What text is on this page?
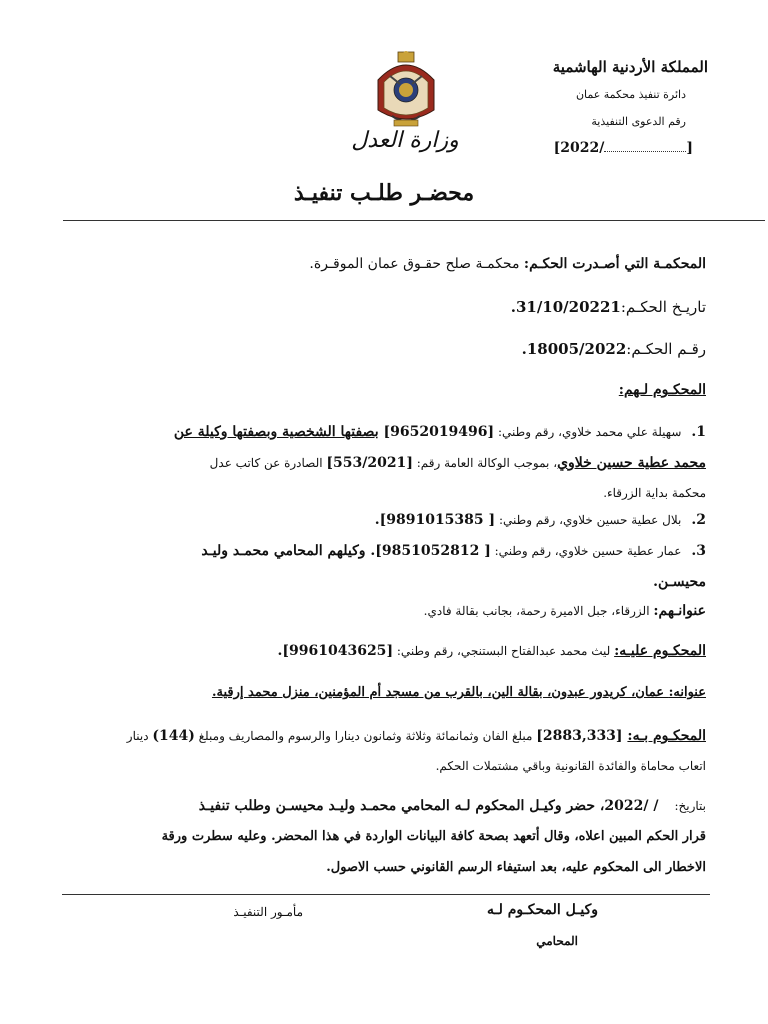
المملكة الأردنية الهاشمية
دائرة تنفيذ محكمة عمان
رقم الدعوى التنفيذية
[2022/	]
وزارة العدل
محضـر طلـب تنفيـذ
المحكمـة التي أصـدرت الحكـم: محكمـة صلح حقـوق عمان الموقـرة.
تاريـخ الحكـم:31/10/20221.
رقـم الحكـم:18005/2022.
المحكـوم لـهم:
1.سهيلة علي محمد خلاوي، رقم وطني: [9652019496] بصفتها الشخصية وبصفتها وكيلة عن
محمد عطية حسين خلاوي، بموجب الوكالة العامة رقم: [553/2021] الصادرة عن كاتب عدل
محكمة بداية الزرقاء.
2.بلال عطية حسين خلاوي، رقم وطني: [ 9891015385].
3.عمار عطية حسين خلاوي، رقم وطني: [ 9851052812]. وكيلهم المحامي محمـد وليـد
محيسـن.
عنوانـهم: الزرقاء، جبل الاميرة رحمة، بجانب بقالة فادي.
المحكـوم عليـه: ليث محمد عبدالفتاح البستنجي، رقم وطني: [9961043625].
عنوانه: عمان، كريدور عبدون، بقالة الين، بالقرب من مسجد أم المؤمنين، منزل محمد إرقية.
المحكـوم بـه: [2883,333] مبلغ الفان وثمانمائة وثلاثة وثمانون دينارا والرسوم والمصاريف ومبلغ (144) دينار
اتعاب محاماة والفائدة القانونية وباقي مشتملات الحكم.
بتاريخ:/ /2022، حضر وكيـل المحكوم لـه المحامي محمـد وليـد محيسـن وطلب تنفيـذ
قرار الحكم المبين اعلاه، وقال أتعهد بصحة كافة البيانات الواردة في هذا المحضر. وعليه سطرت ورقة
الاخطار الى المحكوم عليه، بعد استيفاء الرسم القانوني حسب الاصول.
وكيـل المحكـوم لـه
المحامي
مأمـور التنفيـذ
